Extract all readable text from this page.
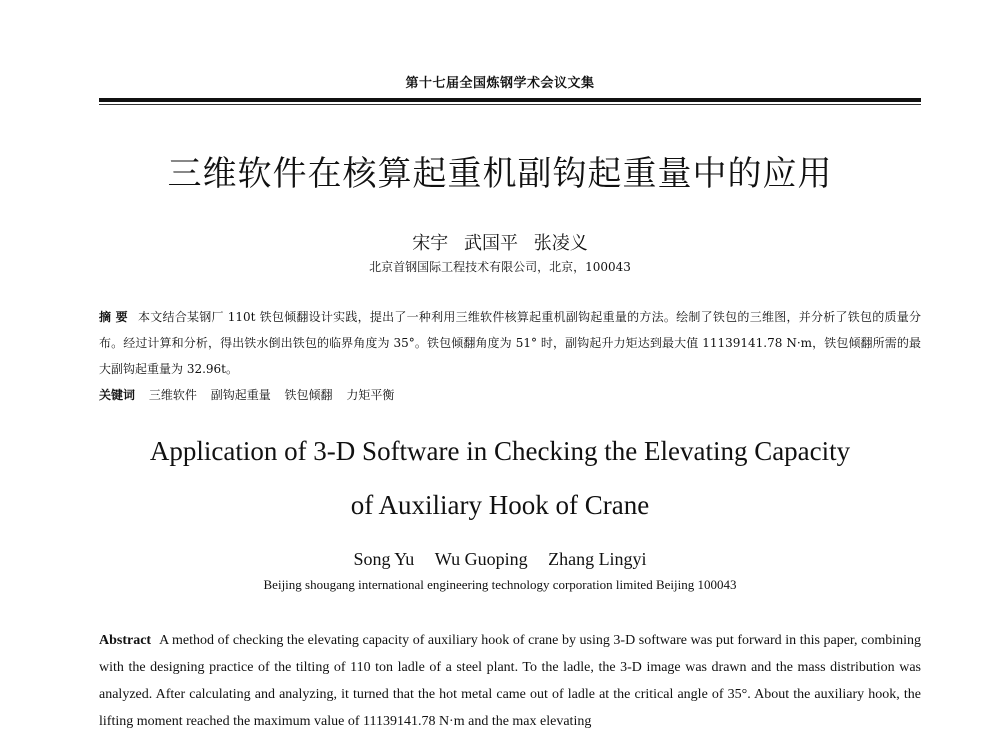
第十七届全国炼钢学术会议文集
三维软件在核算起重机副钩起重量中的应用
宋宇 武国平 张凌义
北京首钢国际工程技术有限公司，北京，100043
摘 要 本文结合某钢厂 110t 铁包倾翻设计实践，提出了一种利用三维软件核算起重机副钩起重量的方法。绘制了铁包的三维图，并分析了铁包的质量分布。经过计算和分析，得出铁水倒出铁包的临界角度为 35°。铁包倾翻角度为 51° 时，副钩起升力矩达到最大值 11139141.78 N·m，铁包倾翻所需的最大副钩起重量为 32.96t。
关键词 三维软件 副钩起重量 铁包倾翻 力矩平衡
Application of 3-D Software in Checking the Elevating Capacity
of Auxiliary Hook of Crane
Song Yu Wu Guoping Zhang Lingyi
Beijing shougang international engineering technology corporation limited Beijing 100043
Abstract A method of checking the elevating capacity of auxiliary hook of crane by using 3-D software was put forward in this paper, combining with the designing practice of the tilting of 110 ton ladle of a steel plant. To the ladle, the 3-D image was drawn and the mass distribution was analyzed. After calculating and analyzing, it turned that the hot metal came out of ladle at the critical angle of 35°. About the auxiliary hook, the lifting moment reached the maximum value of 11139141.78 N·m and the max elevating
